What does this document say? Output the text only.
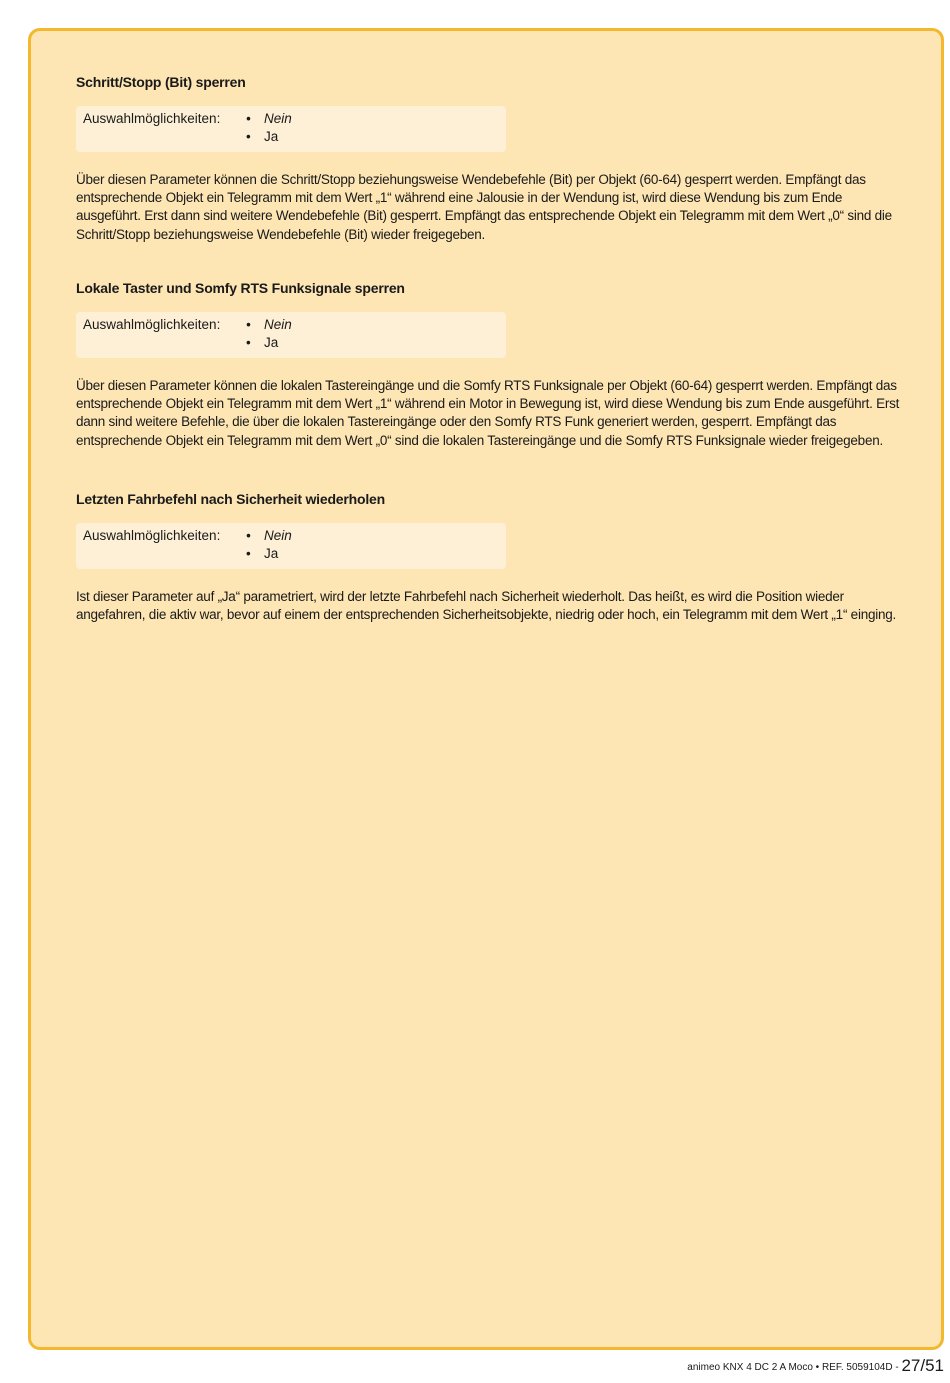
Schritt/Stopp (Bit) sperren
Auswahlmöglichkeiten:	• Nein
• Ja

Über diesen Parameter können die Schritt/Stopp beziehungsweise Wendebefehle (Bit) per Objekt (60-64) gesperrt werden. Empfängt das entsprechende Objekt ein Telegramm mit dem Wert „1“ während eine Jalousie in der Wendung ist, wird diese Wendung bis zum Ende ausgeführt. Erst dann sind weitere Wendebefehle (Bit) gesperrt. Empfängt das entsprechende Objekt ein Telegramm mit dem Wert „0“ sind die Schritt/Stopp beziehungsweise Wendebefehle (Bit) wieder freigegeben.

Lokale Taster und Somfy RTS Funksignale sperren
Auswahlmöglichkeiten:	• Nein
• Ja

Über diesen Parameter können die lokalen Tastereingänge und die Somfy RTS Funksignale per Objekt (60-64) gesperrt werden. Empfängt das entsprechende Objekt ein Telegramm mit dem Wert „1“ während ein Motor in Bewegung ist, wird diese Wendung bis zum Ende ausgeführt. Erst dann sind weitere Befehle, die über die lokalen Tastereingänge oder den Somfy RTS Funk generiert werden, gesperrt. Empfängt das entsprechende Objekt ein Telegramm mit dem Wert „0“ sind die lokalen Tastereingänge und die Somfy RTS Funksignale wieder freigegeben.

Letzten Fahrbefehl nach Sicherheit wiederholen
Auswahlmöglichkeiten:	• Nein
• Ja

Ist dieser Parameter auf „Ja“ parametriert, wird der letzte Fahrbefehl nach Sicherheit wiederholt. Das heißt, es wird die Position wieder angefahren, die aktiv war, bevor auf einem der entsprechenden Sicherheitsobjekte, niedrig oder hoch, ein Telegramm mit dem Wert „1“ einging.

animeo KNX 4 DC 2 A Moco • REF. 5059104D - 27/51
